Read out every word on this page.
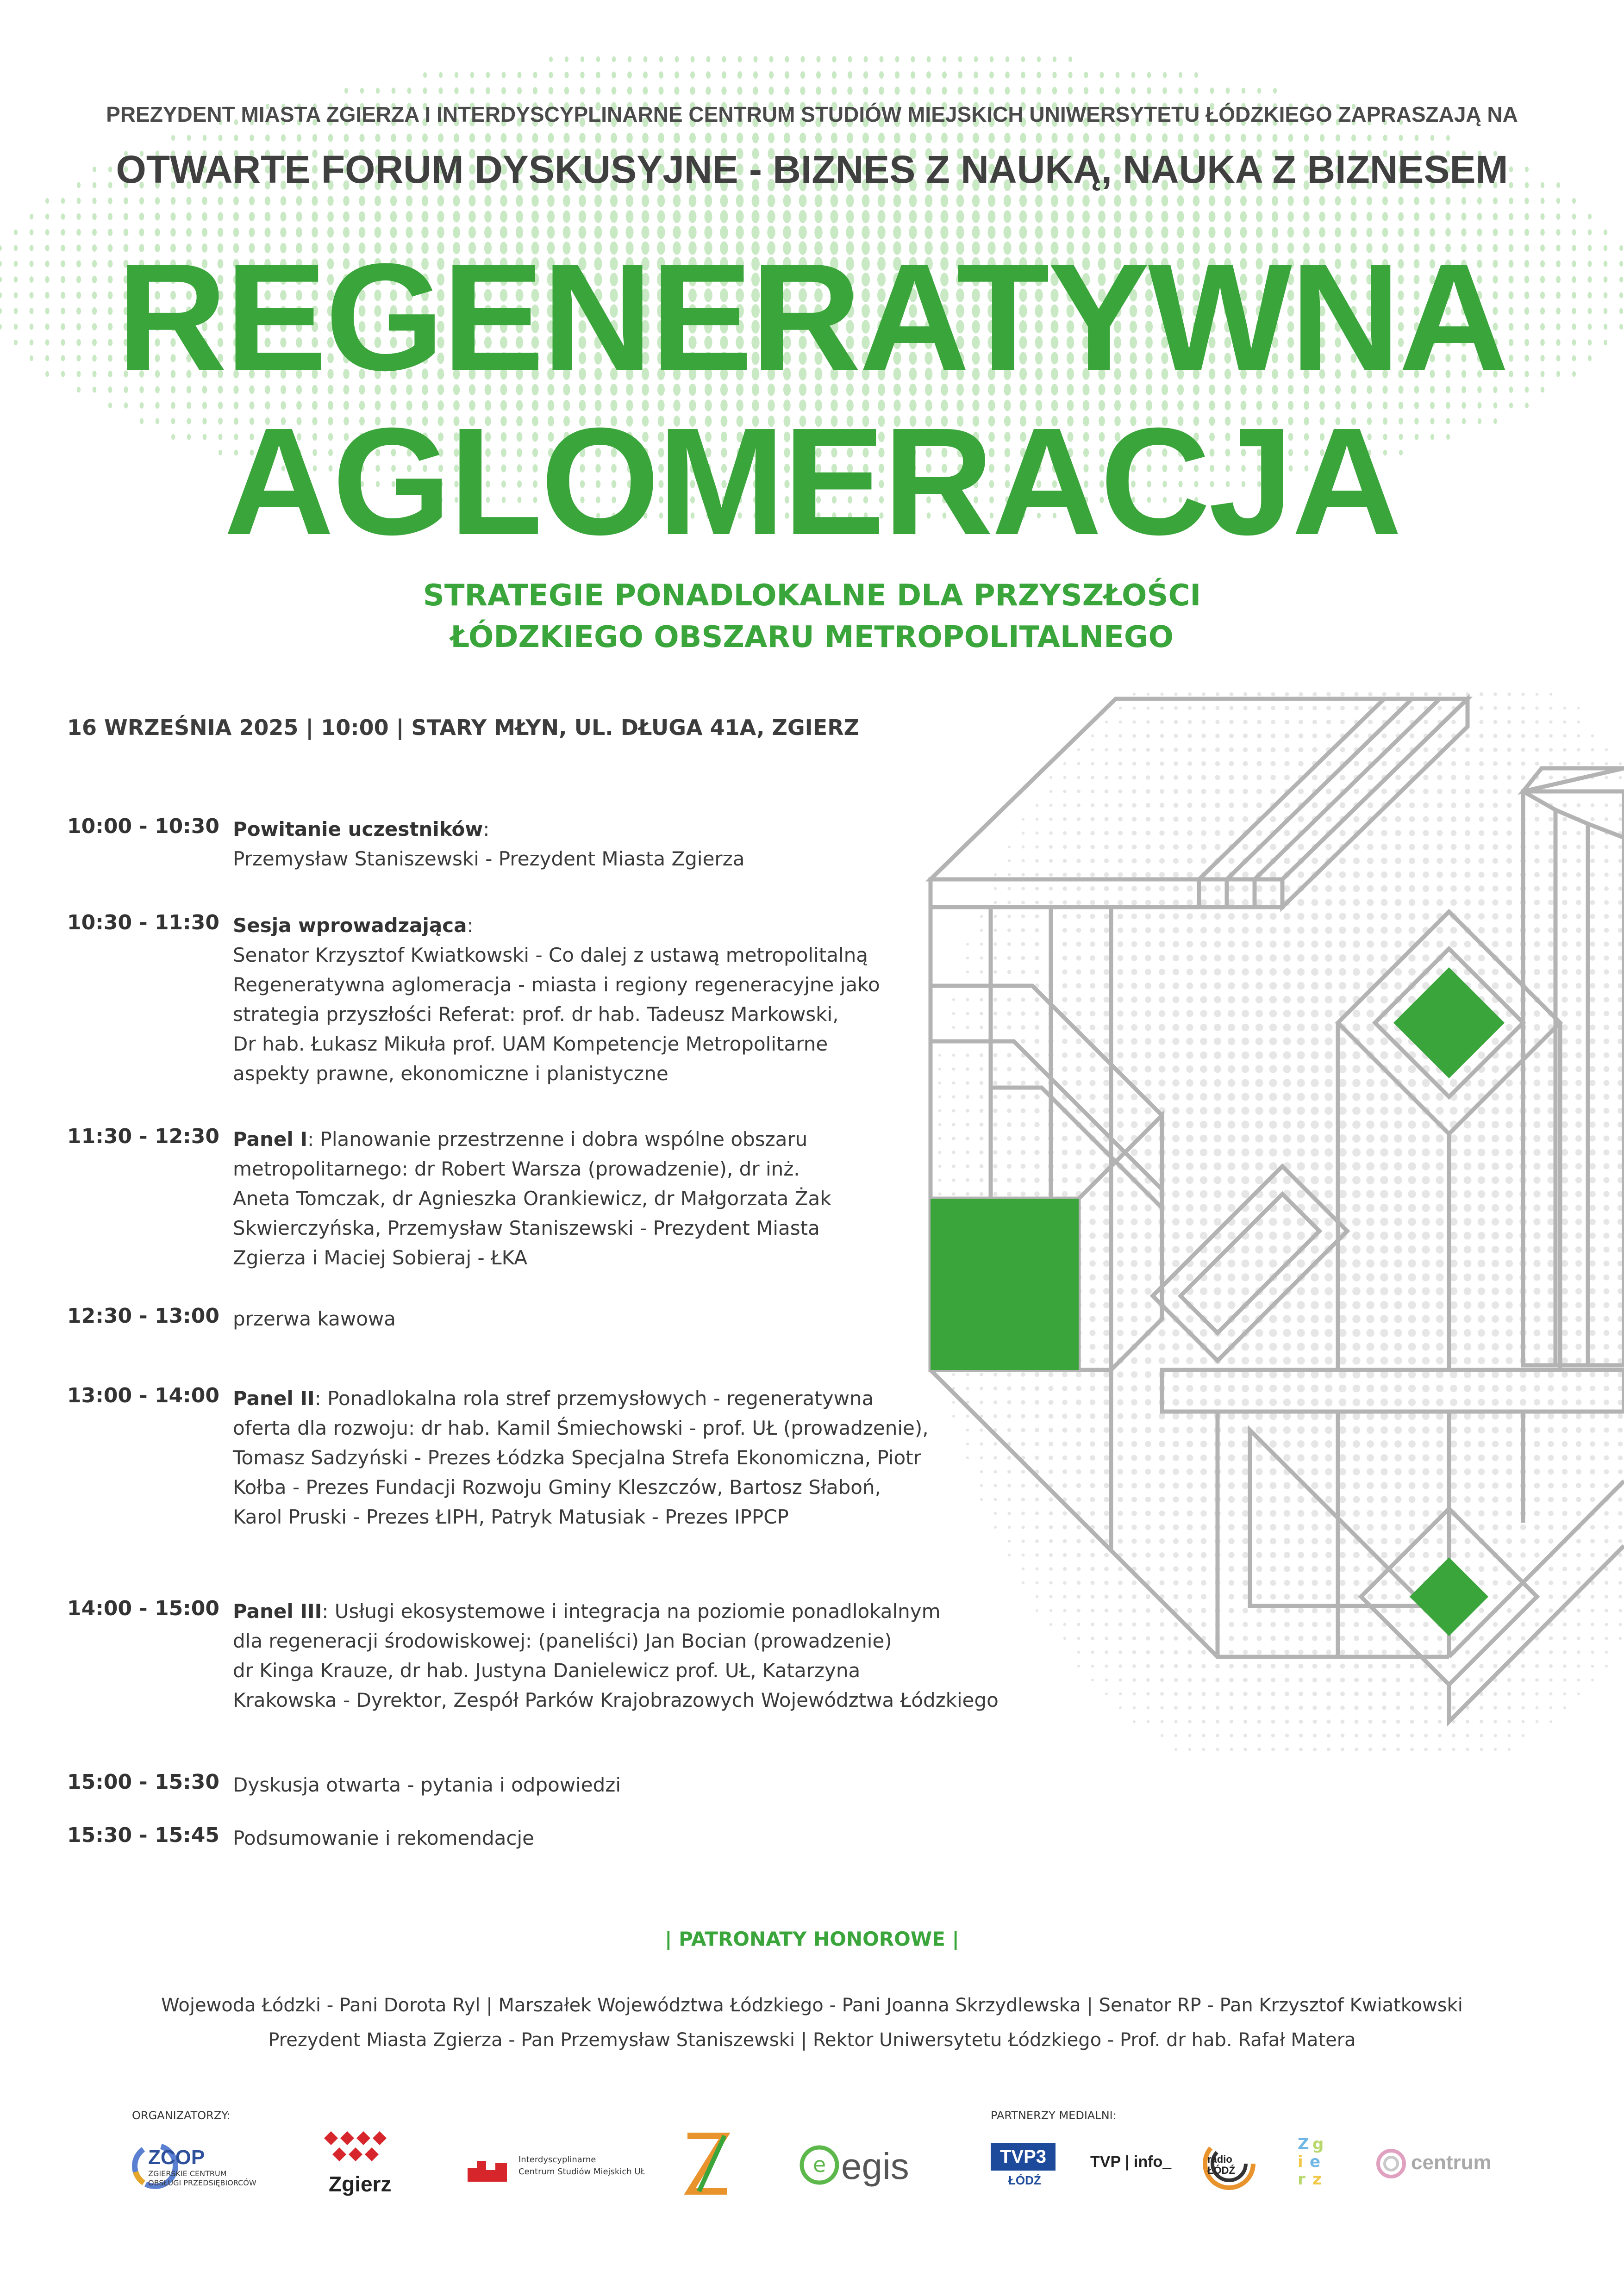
PREZYDENT MIASTA ZGIERZA I INTERDYSCYPLINARNE CENTRUM STUDIÓW MIEJSKICH UNIWERSYTETU ŁÓDZKIEGO ZAPRASZAJĄ NA
OTWARTE FORUM DYSKUSYJNE - BIZNES Z NAUKĄ, NAUKA Z BIZNESEM
REGENERATYWNA
AGLOMERACJA
STRATEGIE PONADLOKALNE DLA PRZYSZŁOŚCI
ŁÓDZKIEGO OBSZARU METROPOLITALNEGO
16 WRZEŚNIA 2025 | 10:00 | STARY MŁYN, UL. DŁUGA 41A, ZGIERZ
10:00 - 10:30 Powitanie uczestników:
Przemysław Staniszewski - Prezydent Miasta Zgierza
10:30 - 11:30 Sesja wprowadzająca:
Senator Krzysztof Kwiatkowski - Co dalej z ustawą metropolitalną
Regeneratywna aglomeracja - miasta i regiony regeneracyjne jako
strategia przyszłości Referat: prof. dr hab. Tadeusz Markowski,
Dr hab. Łukasz Mikuła prof. UAM Kompetencje Metropolitarne
aspekty prawne, ekonomiczne i planistyczne
11:30 - 12:30 Panel I: Planowanie przestrzenne i dobra wspólne obszaru
metropolitarnego: dr Robert Warsza (prowadzenie), dr inż.
Aneta Tomczak, dr Agnieszka Orankiewicz, dr Małgorzata Żak
Skwierczyńska, Przemysław Staniszewski - Prezydent Miasta
Zgierza i Maciej Sobieraj - ŁKA
12:30 - 13:00 przerwa kawowa
13:00 - 14:00 Panel II: Ponadlokalna rola stref przemysłowych - regeneratywna
oferta dla rozwoju: dr hab. Kamil Śmiechowski - prof. UŁ (prowadzenie),
Tomasz Sadzyński - Prezes Łódzka Specjalna Strefa Ekonomiczna, Piotr
Kołba - Prezes Fundacji Rozwoju Gminy Kleszczów, Bartosz Słaboń,
Karol Pruski - Prezes ŁIPH, Patryk Matusiak - Prezes IPPCP
14:00 - 15:00 Panel III: Usługi ekosystemowe i integracja na poziomie ponadlokalnym
dla regeneracji środowiskowej: (paneliści) Jan Bocian (prowadzenie)
dr Kinga Krauze, dr hab. Justyna Danielewicz prof. UŁ, Katarzyna
Krakowska - Dyrektor, Zespół Parków Krajobrazowych Województwa Łódzkiego
15:00 - 15:30 Dyskusja otwarta - pytania i odpowiedzi
15:30 - 15:45 Podsumowanie i rekomendacje
| PATRONATY HONOROWE |
Wojewoda Łódzki - Pani Dorota Ryl | Marszałek Województwa Łódzkiego - Pani Joanna Skrzydlewska | Senator RP - Pan Krzysztof Kwiatkowski
Prezydent Miasta Zgierza - Pan Przemysław Staniszewski | Rektor Uniwersytetu Łódzkiego - Prof. dr hab. Rafał Matera
ORGANIZATORZY:	PARTNERZY MEDIALNI:
ZCOP
ZGIERSKIE CENTRUM
OBSŁUGI PRZEDSIĘBIORCÓW	Zgierz
Interdyscyplinarne
Centrum Studiów Miejskich UŁ	e egis	TVP3
ŁÓDŹ
TVP | info_	radio
ŁÓDŹ
Z g
i e
r z
centrum
